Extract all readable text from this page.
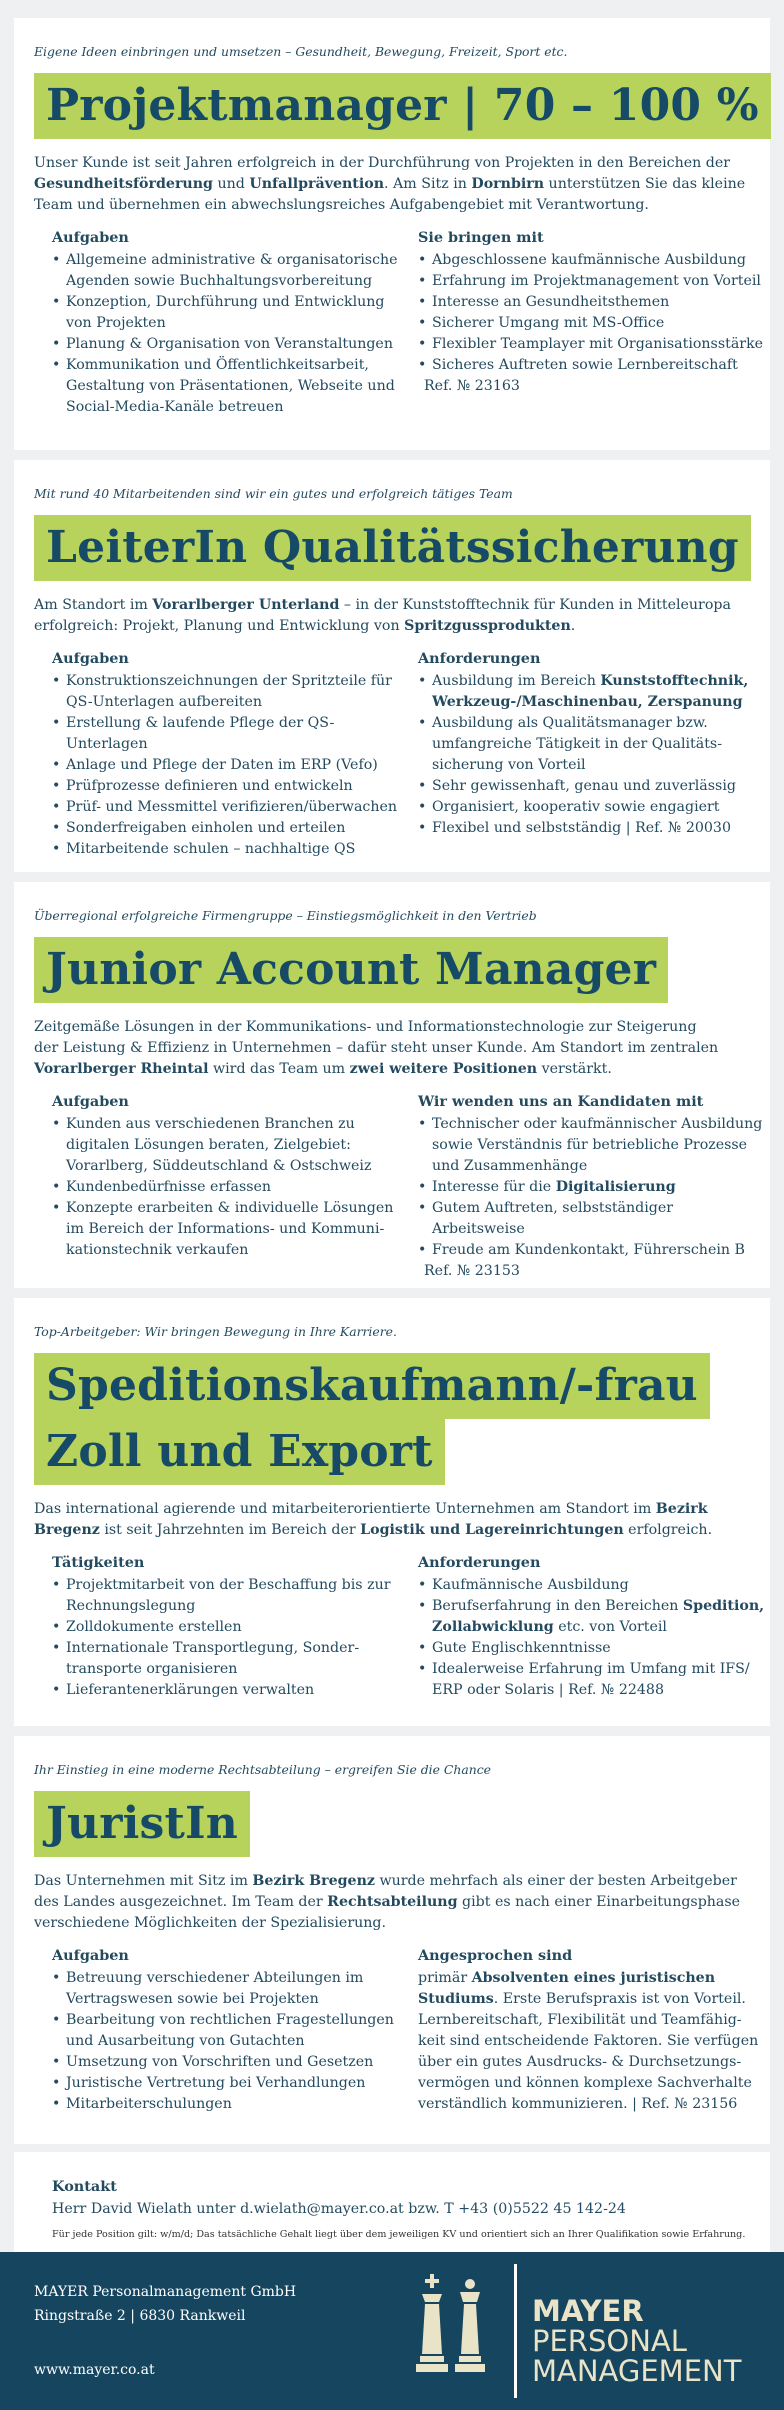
Eigene Ideen einbringen und umsetzen – Gesundheit, Bewegung, Freizeit, Sport etc.
Projektmanager | 70 – 100 %
Unser Kunde ist seit Jahren erfolgreich in der Durchführung von Projekten in den Bereichen der
Gesundheitsförderung und Unfallprävention. Am Sitz in Dornbirn unterstützen Sie das kleine
Team und übernehmen ein abwechslungsreiches Aufgabengebiet mit Verantwortung.
Aufgaben
• Allgemeine administrative & organisatorische
Agenden sowie Buchhaltungsvorbereitung
• Konzeption, Durchführung und Entwicklung
von Projekten
• Planung & Organisation von Veranstaltungen
• Kommunikation und Öffentlichkeitsarbeit,
Gestaltung von Präsentationen, Webseite und
Social-Media-Kanäle betreuen
Sie bringen mit
• Abgeschlossene kaufmännische Ausbildung
• Erfahrung im Projektmanagement von Vorteil
• Interesse an Gesundheitsthemen
• Sicherer Umgang mit MS-Office
• Flexibler Teamplayer mit Organisationsstärke
• Sicheres Auftreten sowie Lernbereitschaft
Ref. № 23163
Mit rund 40 Mitarbeitenden sind wir ein gutes und erfolgreich tätiges Team
LeiterIn Qualitätssicherung
Am Standort im Vorarlberger Unterland – in der Kunststofftechnik für Kunden in Mitteleuropa
erfolgreich: Projekt, Planung und Entwicklung von Spritzgussprodukten.
Aufgaben
• Konstruktionszeichnungen der Spritzteile für
QS-Unterlagen aufbereiten
• Erstellung & laufende Pflege der QS-Unterlagen
• Anlage und Pflege der Daten im ERP (Vefo)
• Prüfprozesse definieren und entwickeln
• Prüf- und Messmittel verifizieren/überwachen
• Sonderfreigaben einholen und erteilen
• Mitarbeitende schulen – nachhaltige QS
Anforderungen
• Ausbildung im Bereich Kunststofftechnik,
Werkzeug-/Maschinenbau, Zerspanung
• Ausbildung als Qualitätsmanager bzw.
umfangreiche Tätigkeit in der Qualitäts-
sicherung von Vorteil
• Sehr gewissenhaft, genau und zuverlässig
• Organisiert, kooperativ sowie engagiert
• Flexibel und selbstständig | Ref. № 20030
Überregional erfolgreiche Firmengruppe – Einstiegsmöglichkeit in den Vertrieb
Junior Account Manager
Zeitgemäße Lösungen in der Kommunikations- und Informationstechnologie zur Steigerung
der Leistung & Effizienz in Unternehmen – dafür steht unser Kunde. Am Standort im zentralen
Vorarlberger Rheintal wird das Team um zwei weitere Positionen verstärkt.
Aufgaben
• Kunden aus verschiedenen Branchen zu
digitalen Lösungen beraten, Zielgebiet:
Vorarlberg, Süddeutschland & Ostschweiz
• Kundenbedürfnisse erfassen
• Konzepte erarbeiten & individuelle Lösungen
im Bereich der Informations- und Kommuni-
kationstechnik verkaufen
Wir wenden uns an Kandidaten mit
• Technischer oder kaufmännischer Ausbildung
sowie Verständnis für betriebliche Prozesse
und Zusammenhänge
• Interesse für die Digitalisierung
• Gutem Auftreten, selbstständiger Arbeitsweise
• Freude am Kundenkontakt, Führerschein B
Ref. № 23153
Top-Arbeitgeber: Wir bringen Bewegung in Ihre Karriere.
Speditionskaufmann/-frau
Zoll und Export
Das international agierende und mitarbeiterorientierte Unternehmen am Standort im Bezirk
Bregenz ist seit Jahrzehnten im Bereich der Logistik und Lagereinrichtungen erfolgreich.
Tätigkeiten
• Projektmitarbeit von der Beschaffung bis zur
Rechnungslegung
• Zolldokumente erstellen
• Internationale Transportlegung, Sonder-
transporte organisieren
• Lieferantenerklärungen verwalten
Anforderungen
• Kaufmännische Ausbildung
• Berufserfahrung in den Bereichen Spedition,
Zollabwicklung etc. von Vorteil
• Gute Englischkenntnisse
• Idealerweise Erfahrung im Umfang mit IFS/
ERP oder Solaris | Ref. № 22488
Ihr Einstieg in eine moderne Rechtsabteilung – ergreifen Sie die Chance
JuristIn
Das Unternehmen mit Sitz im Bezirk Bregenz wurde mehrfach als einer der besten Arbeitgeber
des Landes ausgezeichnet. Im Team der Rechtsabteilung gibt es nach einer Einarbeitungsphase
verschiedene Möglichkeiten der Spezialisierung.
Aufgaben
• Betreuung verschiedener Abteilungen im
Vertragswesen sowie bei Projekten
• Bearbeitung von rechtlichen Fragestellungen
und Ausarbeitung von Gutachten
• Umsetzung von Vorschriften und Gesetzen
• Juristische Vertretung bei Verhandlungen
• Mitarbeiterschulungen
Angesprochen sind
primär Absolventen eines juristischen
Studiums. Erste Berufspraxis ist von Vorteil.
Lernbereitschaft, Flexibilität und Teamfähig-
keit sind entscheidende Faktoren. Sie verfügen
über ein gutes Ausdrucks- & Durchsetzungs-
vermögen und können komplexe Sachverhalte
verständlich kommunizieren. | Ref. № 23156
Kontakt
Herr David Wielath unter d.wielath@mayer.co.at bzw. T +43 (0)5522 45 142-24
Für jede Position gilt: w/m/d; Das tatsächliche Gehalt liegt über dem jeweiligen KV und orientiert sich an Ihrer Qualifikation sowie Erfahrung.
MAYER Personalmanagement GmbH
Ringstraße 2 | 6830 Rankweil
www.mayer.co.at
MAYER
PERSONAL
MANAGEMENT
